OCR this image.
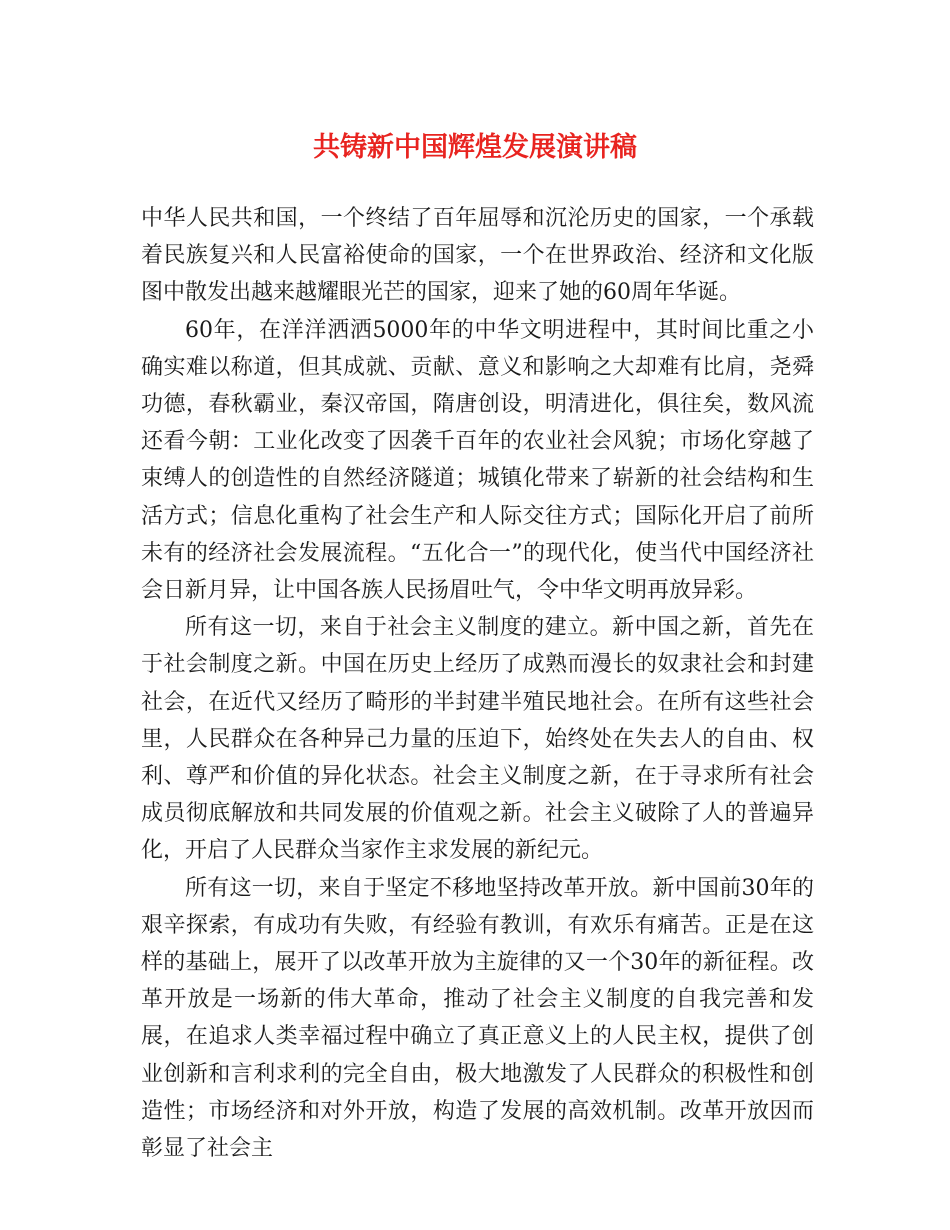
共铸新中国辉煌发展演讲稿

中华人民共和国，一个终结了百年屈辱和沉沦历史的国家，一个承载着民族复兴和人民富裕使命的国家，一个在世界政治、经济和文化版图中散发出越来越耀眼光芒的国家，迎来了她的60周年华诞。

60年，在洋洋洒洒5000年的中华文明进程中，其时间比重之小确实难以称道，但其成就、贡献、意义和影响之大却难有比肩，尧舜功德，春秋霸业，秦汉帝国，隋唐创设，明清进化，俱往矣，数风流还看今朝：工业化改变了因袭千百年的农业社会风貌；市场化穿越了束缚人的创造性的自然经济隧道；城镇化带来了崭新的社会结构和生活方式；信息化重构了社会生产和人际交往方式；国际化开启了前所未有的经济社会发展流程。“五化合一”的现代化，使当代中国经济社会日新月异，让中国各族人民扬眉吐气，令中华文明再放异彩。

所有这一切，来自于社会主义制度的建立。新中国之新，首先在于社会制度之新。中国在历史上经历了成熟而漫长的奴隶社会和封建社会，在近代又经历了畸形的半封建半殖民地社会。在所有这些社会里，人民群众在各种异己力量的压迫下，始终处在失去人的自由、权利、尊严和价值的异化状态。社会主义制度之新，在于寻求所有社会成员彻底解放和共同发展的价值观之新。社会主义破除了人的普遍异化，开启了人民群众当家作主求发展的新纪元。

所有这一切，来自于坚定不移地坚持改革开放。新中国前30年的艰辛探索，有成功有失败，有经验有教训，有欢乐有痛苦。正是在这样的基础上，展开了以改革开放为主旋律的又一个30年的新征程。改革开放是一场新的伟大革命，推动了社会主义制度的自我完善和发展，在追求人类幸福过程中确立了真正意义上的人民主权，提供了创业创新和言利求利的完全自由，极大地激发了人民群众的积极性和创造性；市场经济和对外开放，构造了发展的高效机制。改革开放因而彰显了社会主
